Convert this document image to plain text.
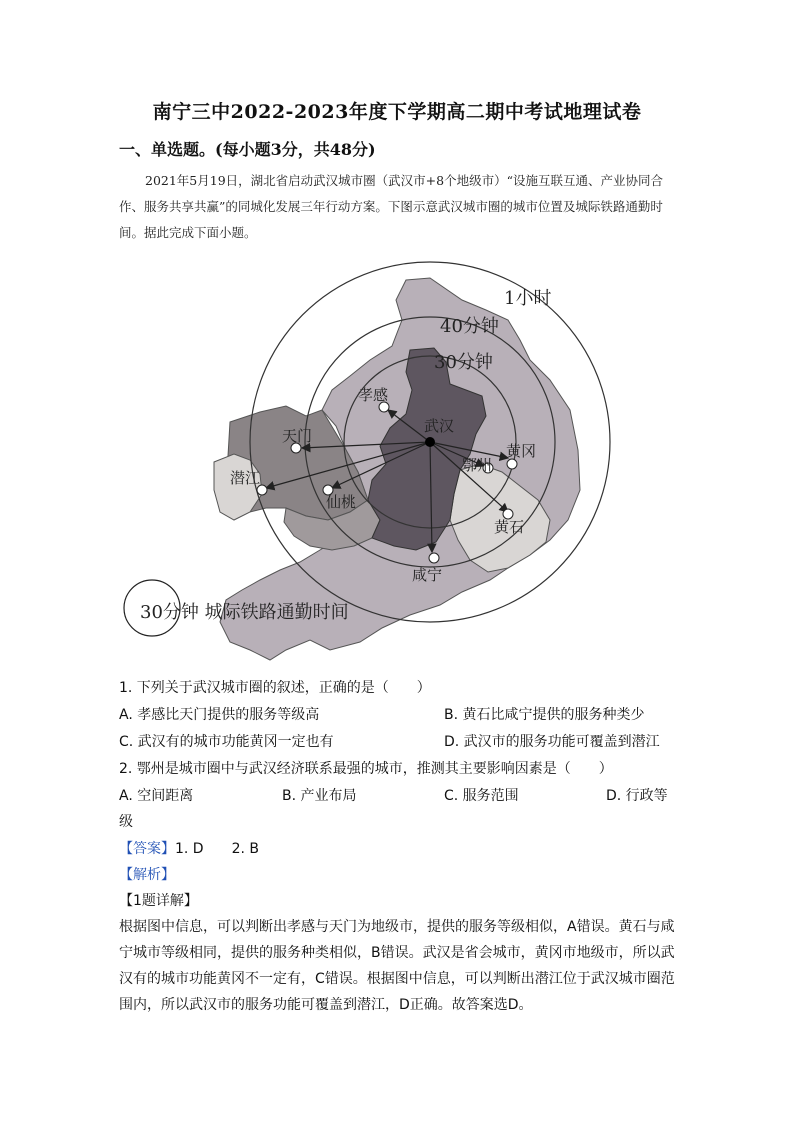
南宁三中2022-2023年度下学期高二期中考试地理试卷
一、单选题。(每小题3分，共48分)
2021年5月19日，湖北省启动武汉城市圈（武汉市+8个地级市）“设施互联互通、产业协同合作、服务共享共赢”的同城化发展三年行动方案。下图示意武汉城市圈的城市位置及城际铁路通勤时间。据此完成下面小题。
1小时
40分钟
30分钟
孝感
武汉
天门
潜江
仙桃
鄂州
黄冈
黄石
咸宁
30分钟 城际铁路通勤时间
1. 下列关于武汉城市圈的叙述，正确的是（　　）
A. 孝感比天门提供的服务等级高	B. 黄石比咸宁提供的服务种类少
C. 武汉有的城市功能黄冈一定也有	D. 武汉市的服务功能可覆盖到潜江
2. 鄂州是城市圈中与武汉经济联系最强的城市，推测其主要影响因素是（　　）
A. 空间距离	B. 产业布局	C. 服务范围	D. 行政等
级
【答案】1. D　　2. B
【解析】
【1题详解】
根据图中信息，可以判断出孝感与天门为地级市，提供的服务等级相似，A错误。黄石与咸宁城市等级相同，提供的服务种类相似，B错误。武汉是省会城市，黄冈市地级市，所以武汉有的城市功能黄冈不一定有，C错误。根据图中信息，可以判断出潜江位于武汉城市圈范围内，所以武汉市的服务功能可覆盖到潜江，D正确。故答案选D。
